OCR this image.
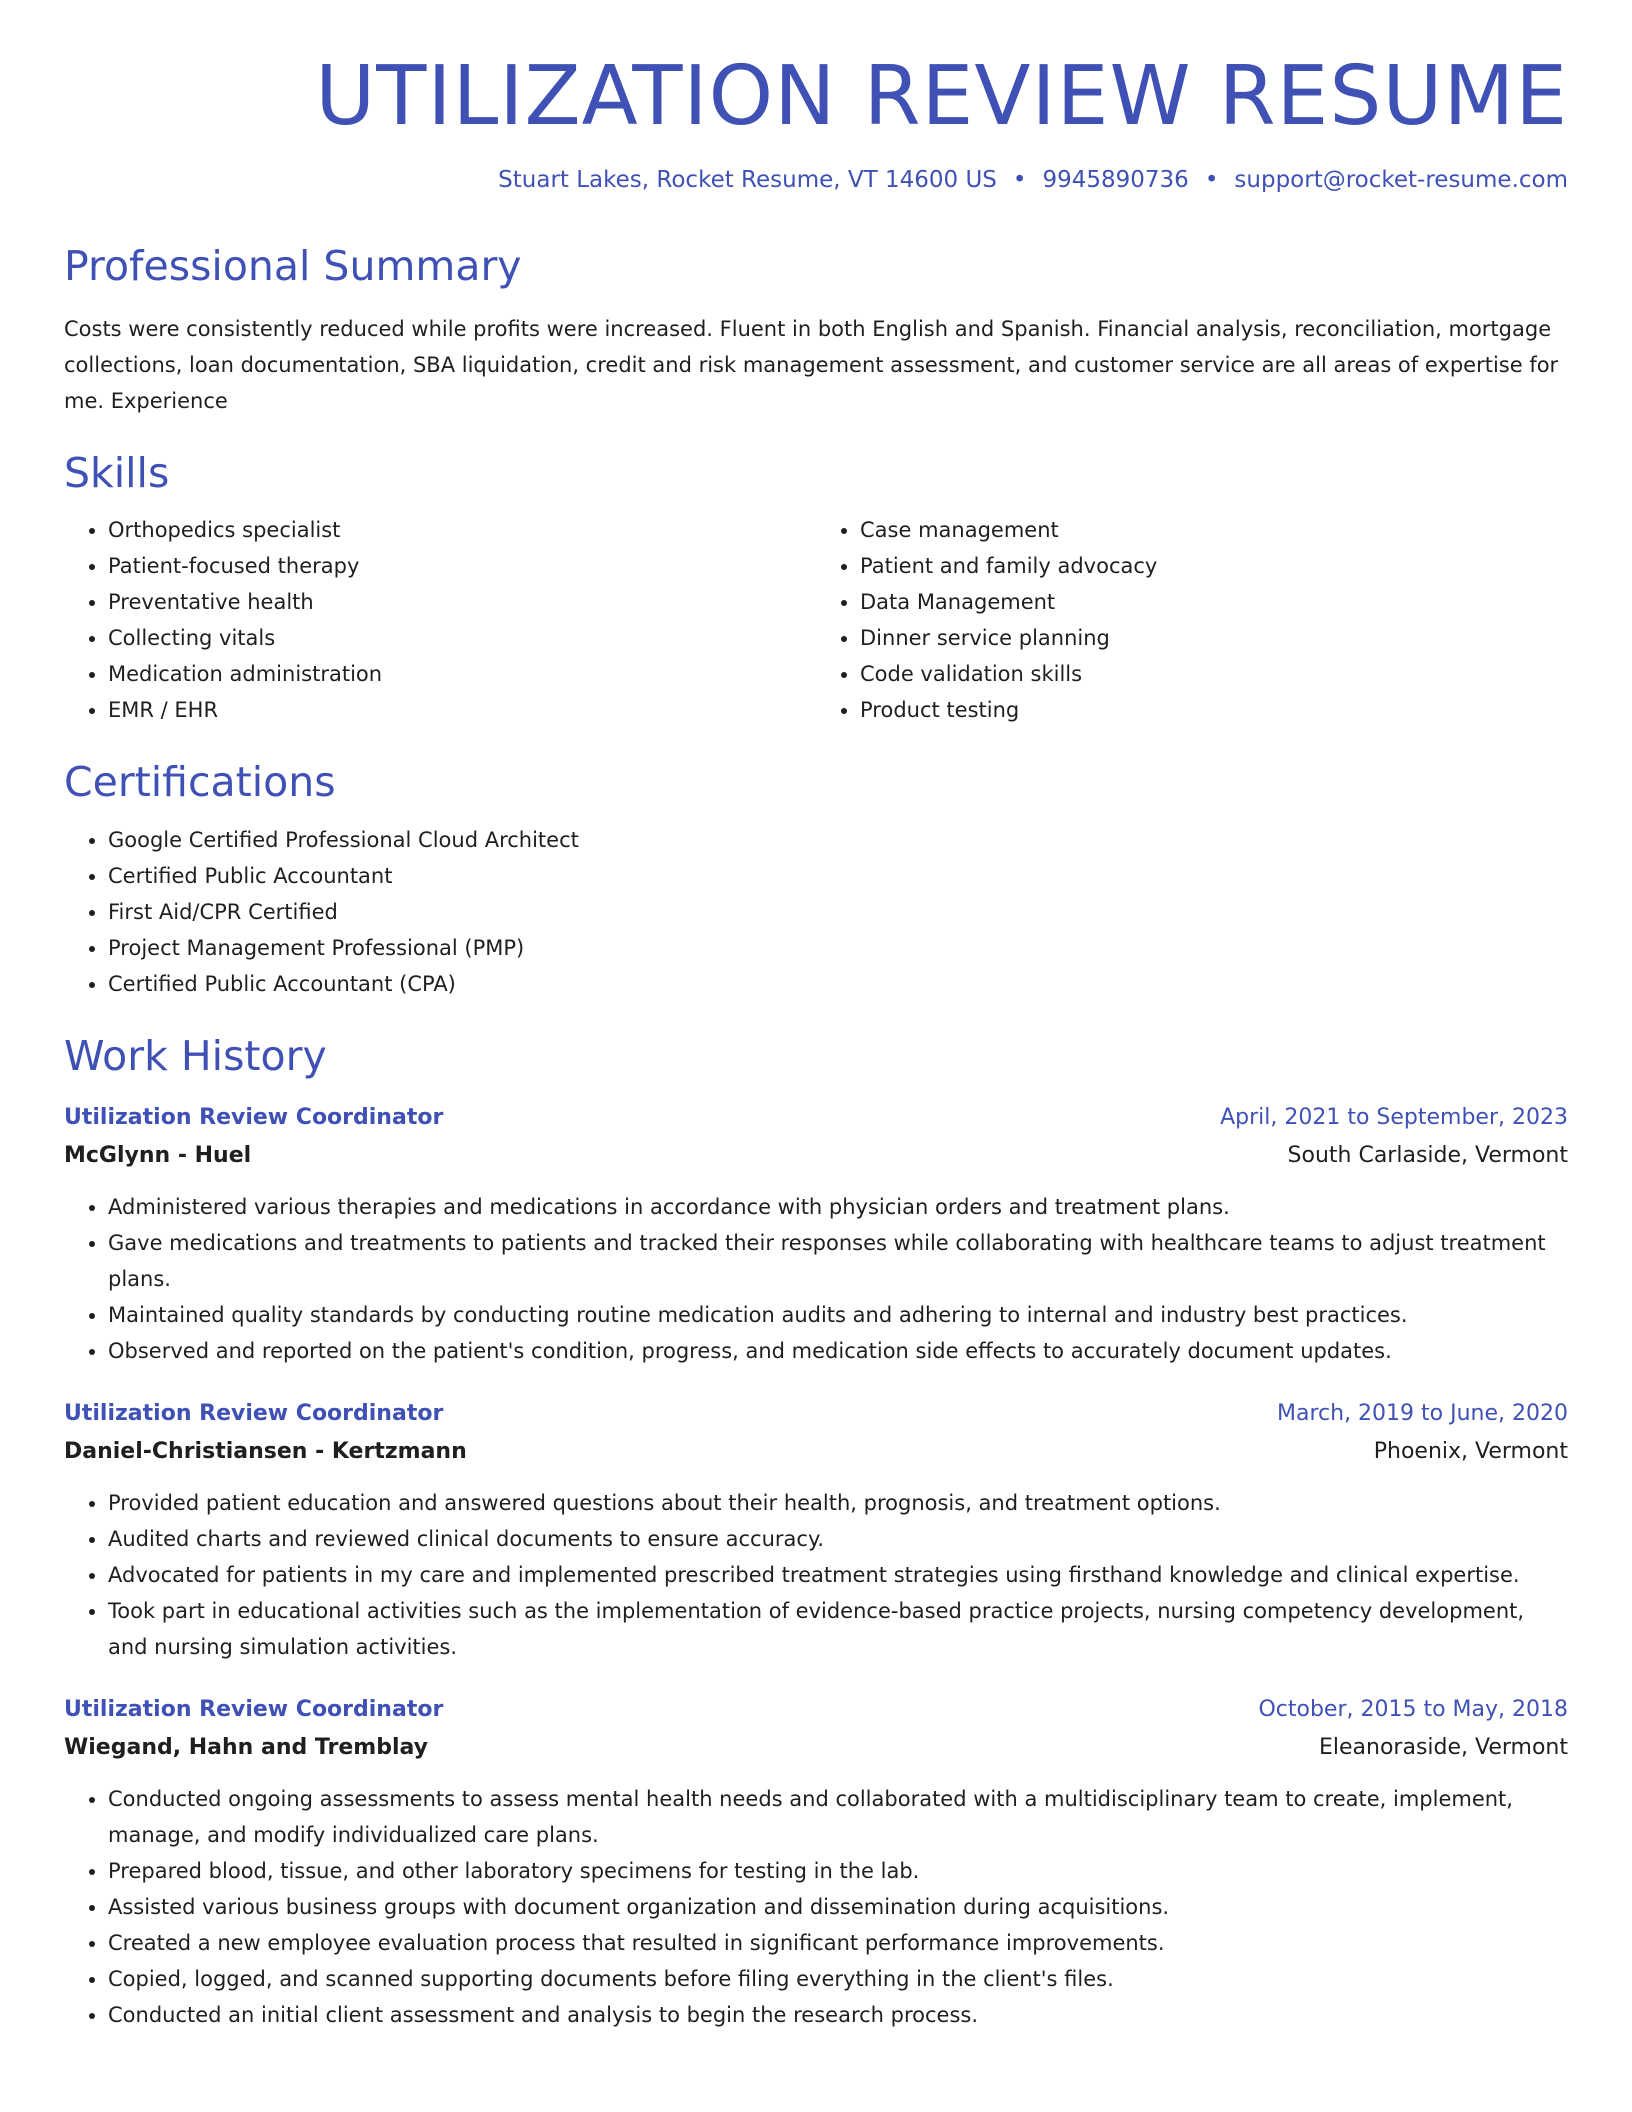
UTILIZATION REVIEW RESUME
Stuart Lakes, Rocket Resume, VT 14600 US • 9945890736 • support@rocket-resume.com
Professional Summary

Costs were consistently reduced while profits were increased. Fluent in both English and Spanish. Financial analysis, reconciliation, mortgage collections, loan documentation, SBA liquidation, credit and risk management assessment, and customer service are all areas of expertise for me. Experience

Skills
• Orthopedics specialist
• Patient-focused therapy
• Preventative health
• Collecting vitals
• Medication administration
• EMR / EHR
• Case management
• Patient and family advocacy
• Data Management
• Dinner service planning
• Code validation skills
• Product testing
Certifications
• Google Certified Professional Cloud Architect
• Certified Public Accountant
• First Aid/CPR Certified
• Project Management Professional (PMP)
• Certified Public Accountant (CPA)
Work History
Utilization Review Coordinator	April, 2021 to September, 2023
McGlynn - Huel	South Carlaside, Vermont
• Administered various therapies and medications in accordance with physician orders and treatment plans.
• Gave medications and treatments to patients and tracked their responses while collaborating with healthcare teams to adjust treatment plans.
• Maintained quality standards by conducting routine medication audits and adhering to internal and industry best practices.
• Observed and reported on the patient's condition, progress, and medication side effects to accurately document updates.
Utilization Review Coordinator	March, 2019 to June, 2020
Daniel-Christiansen - Kertzmann	Phoenix, Vermont
• Provided patient education and answered questions about their health, prognosis, and treatment options.
• Audited charts and reviewed clinical documents to ensure accuracy.
• Advocated for patients in my care and implemented prescribed treatment strategies using firsthand knowledge and clinical expertise.
• Took part in educational activities such as the implementation of evidence-based practice projects, nursing competency development, and nursing simulation activities.
Utilization Review Coordinator	October, 2015 to May, 2018
Wiegand, Hahn and Tremblay	Eleanoraside, Vermont
• Conducted ongoing assessments to assess mental health needs and collaborated with a multidisciplinary team to create, implement, manage, and modify individualized care plans.
• Prepared blood, tissue, and other laboratory specimens for testing in the lab.
• Assisted various business groups with document organization and dissemination during acquisitions.
• Created a new employee evaluation process that resulted in significant performance improvements.
• Copied, logged, and scanned supporting documents before filing everything in the client's files.
• Conducted an initial client assessment and analysis to begin the research process.
